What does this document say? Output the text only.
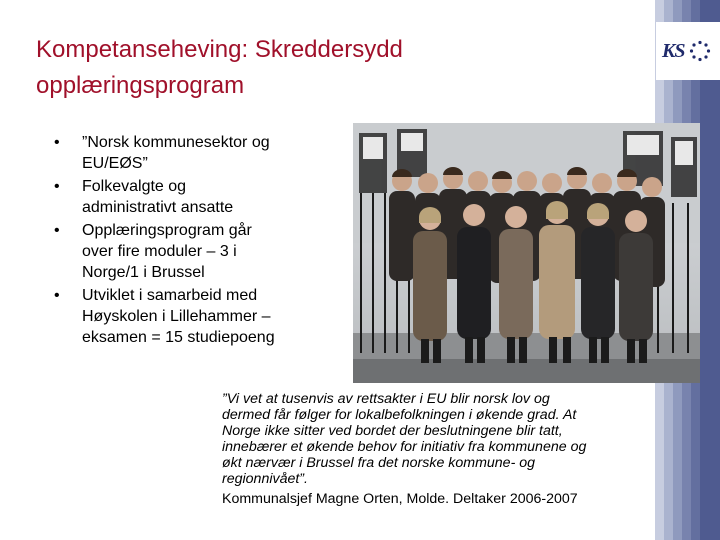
KS
Kompetanseheving: Skreddersydd
opplæringsprogram
• ”Norsk kommunesektor og
EU/EØS”
• Folkevalgte og
administrativt ansatte
• Opplæringsprogram går
over fire moduler – 3 i
Norge/1 i Brussel
• Utviklet i samarbeid med
Høyskolen i Lillehammer –
eksamen = 15 studiepoeng
”Vi vet at tusenvis av rettsakter i EU blir norsk lov og
dermed får følger for lokalbefolkningen i økende grad. At
Norge ikke sitter ved bordet der beslutningene blir tatt,
innebærer et økende behov for initiativ fra kommunene og
økt nærvær i Brussel fra det norske kommune- og
regionnivået”.
Kommunalsjef Magne Orten, Molde. Deltaker 2006-2007
